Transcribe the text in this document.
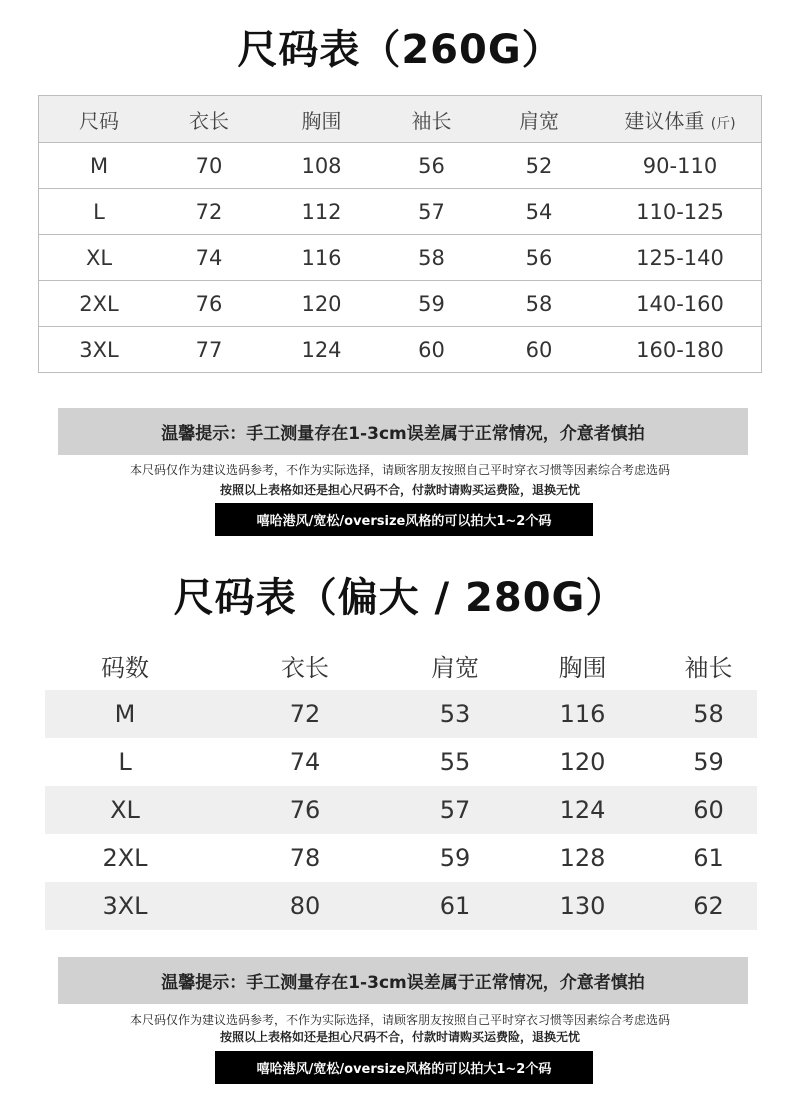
尺码表（260G）
尺码	衣长	胸围	袖长	肩宽	建议体重 (斤)
M	70	108	56	52	90-110
L	72	112	57	54	110-125
XL	74	116	58	56	125-140
2XL	76	120	59	58	140-160
3XL	77	124	60	60	160-180
温馨提示：手工测量存在1-3cm误差属于正常情况，介意者慎拍
本尺码仅作为建议选码参考，不作为实际选择，请顾客朋友按照自己平时穿衣习惯等因素综合考虑选码
按照以上表格如还是担心尺码不合，付款时请购买运费险，退换无忧
嘻哈港风/宽松/oversize风格的可以拍大1~2个码
尺码表（偏大 / 280G）
码数	衣长	肩宽	胸围	袖长
M	72	53	116	58
L	74	55	120	59
XL	76	57	124	60
2XL	78	59	128	61
3XL	80	61	130	62
温馨提示：手工测量存在1-3cm误差属于正常情况，介意者慎拍
本尺码仅作为建议选码参考，不作为实际选择，请顾客朋友按照自己平时穿衣习惯等因素综合考虑选码
按照以上表格如还是担心尺码不合，付款时请购买运费险，退换无忧
嘻哈港风/宽松/oversize风格的可以拍大1~2个码
